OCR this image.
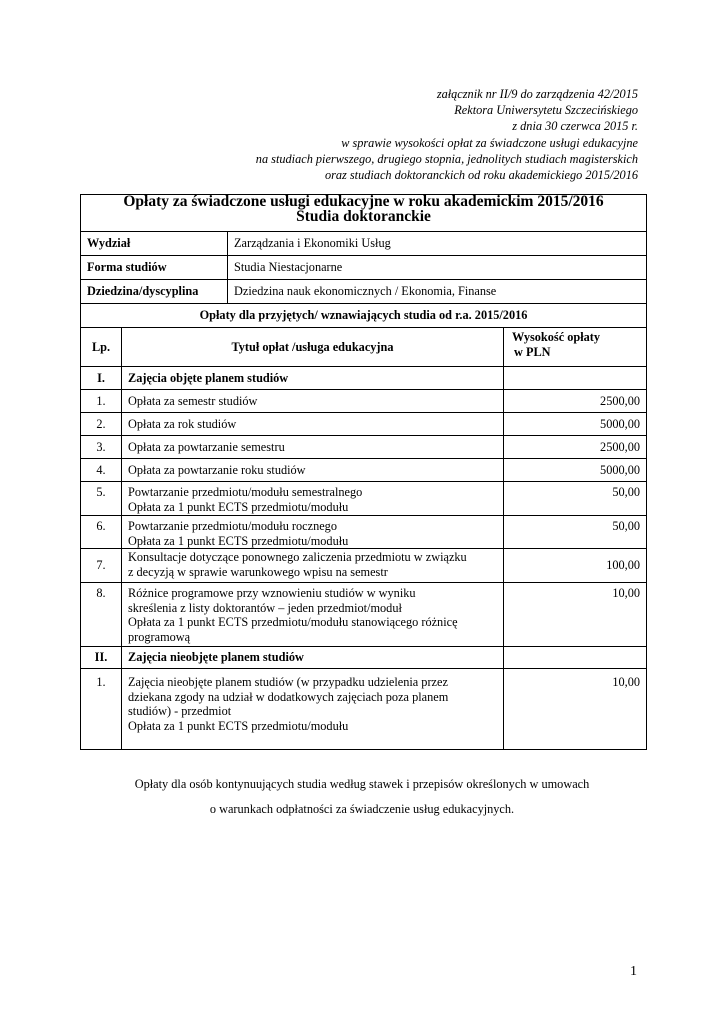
załącznik nr II/9 do zarządzenia 42/2015
Rektora Uniwersytetu Szczecińskiego
z dnia 30 czerwca 2015 r.
w sprawie wysokości opłat za świadczone usługi edukacyjne
na studiach pierwszego, drugiego stopnia, jednolitych studiach magisterskich
oraz studiach doktoranckich od roku akademickiego 2015/2016
Opłaty za świadczone usługi edukacyjne w roku akademickim 2015/2016
Studia doktoranckie			

Wydział		Zarządzania i Ekonomiki Usług	
Forma studiów		Studia Niestacjonarne	
Dziedzina/dyscyplina		Dziedzina nauk ekonomicznych / Ekonomia, Finanse	
Opłaty dla przyjętych/ wznawiających studia od r.a. 2015/2016			
Lp.	Tytuł opłat /usługa edukacyjna		Wysokość opłaty
w PLN

I.	Zajęcia objęte planem studiów		
1.	Opłata za semestr studiów		2500,00
2.	Opłata za rok studiów		5000,00
3.	Opłata za powtarzanie semestru		2500,00
4.	Opłata za powtarzanie roku studiów		5000,00
5.	Powtarzanie przedmiotu/modułu semestralnego
Opłata za 1 punkt ECTS przedmiotu/modułu		50,00
6.	Powtarzanie przedmiotu/modułu rocznego
Opłata za 1 punkt ECTS przedmiotu/modułu		50,00
7.	Konsultacje dotyczące ponownego zaliczenia przedmiotu w związku
z decyzją w sprawie warunkowego wpisu na semestr		100,00
8.	Różnice programowe przy wznowieniu studiów w wyniku
skreślenia z listy doktorantów – jeden przedmiot/moduł
Opłata za 1 punkt ECTS przedmiotu/modułu stanowiącego różnicę
programową		10,00
II.	Zajęcia nieobjęte planem studiów		
1.	Zajęcia nieobjęte planem studiów (w przypadku udzielenia przez
dziekana zgody na udział w dodatkowych zajęciach poza planem
studiów) - przedmiot
Opłata za 1 punkt ECTS przedmiotu/modułu		10,00
Opłaty dla osób kontynuujących studia według stawek i przepisów określonych w umowach
o warunkach odpłatności za świadczenie usług edukacyjnych.
1
